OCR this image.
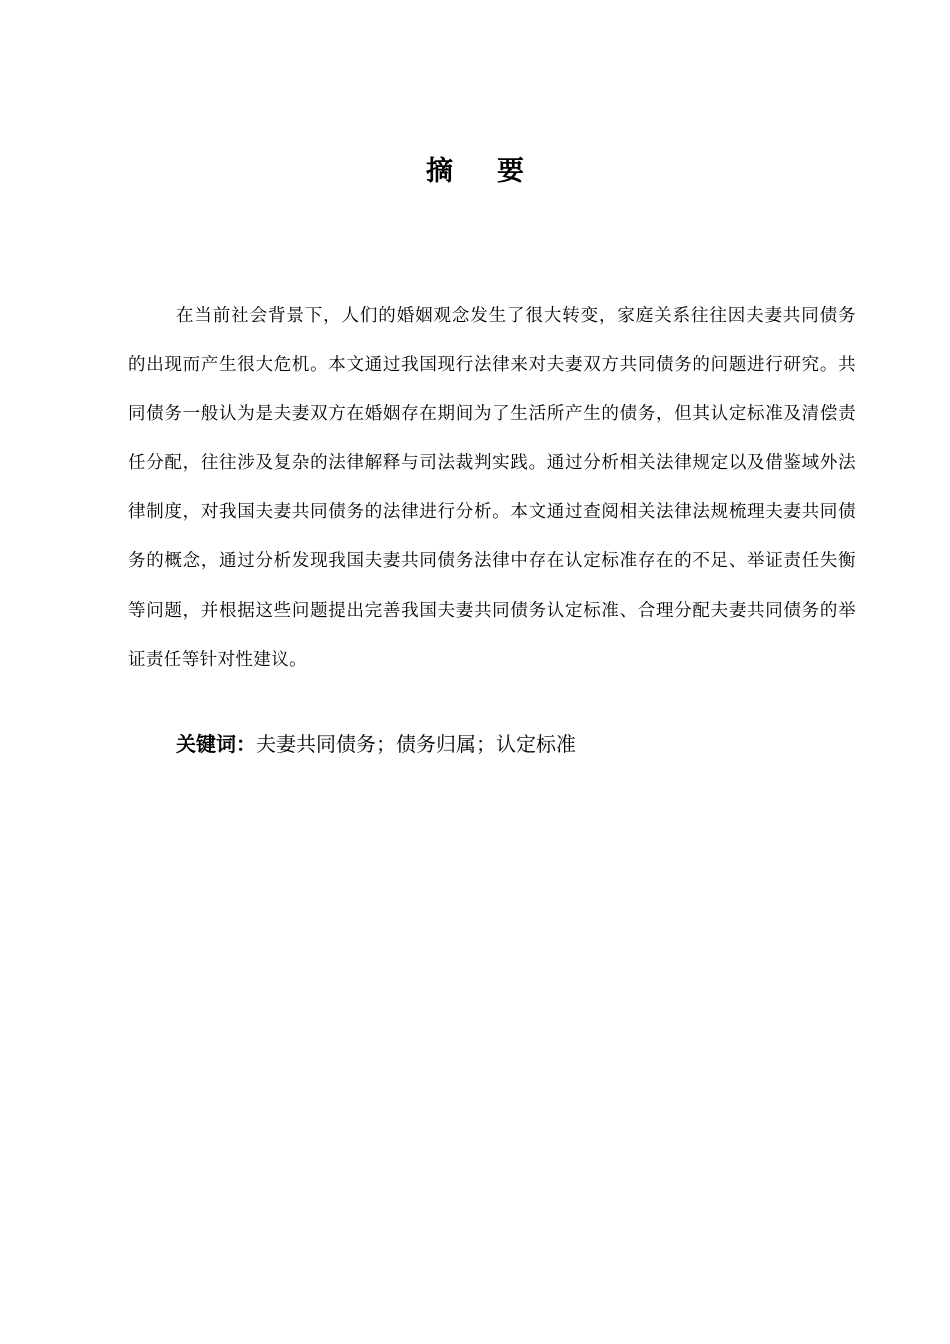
摘 要

在当前社会背景下，人们的婚姻观念发生了很大转变，家庭关系往往因夫妻共同债务的出现而产生很大危机。本文通过我国现行法律来对夫妻双方共同债务的问题进行研究。共同债务一般认为是夫妻双方在婚姻存在期间为了生活所产生的债务，但其认定标准及清偿责任分配，往往涉及复杂的法律解释与司法裁判实践。通过分析相关法律规定以及借鉴域外法律制度，对我国夫妻共同债务的法律进行分析。本文通过查阅相关法律法规梳理夫妻共同债务的概念，通过分析发现我国夫妻共同债务法律中存在认定标准存在的不足、举证责任失衡等问题，并根据这些问题提出完善我国夫妻共同债务认定标准、合理分配夫妻共同债务的举证责任等针对性建议。

关键词：夫妻共同债务；债务归属；认定标准
